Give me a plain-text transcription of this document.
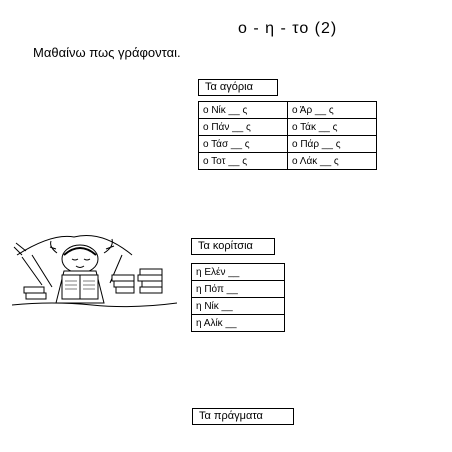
ο - η - το (2)
Μαθαίνω πως γράφονται.
Τα αγόρια
ο Νίκ __ ς	ο Άρ __ ς
ο Πάν __ ς	ο Τάκ __ ς
ο Τάσ __ ς	ο Πάρ __ ς
ο Τοτ __ ς	ο Λάκ __ ς
Τα κορίτσια
η Ελέν __
η Πόπ __
η Νίκ __
η Αλίκ __
Τα πράγματα
